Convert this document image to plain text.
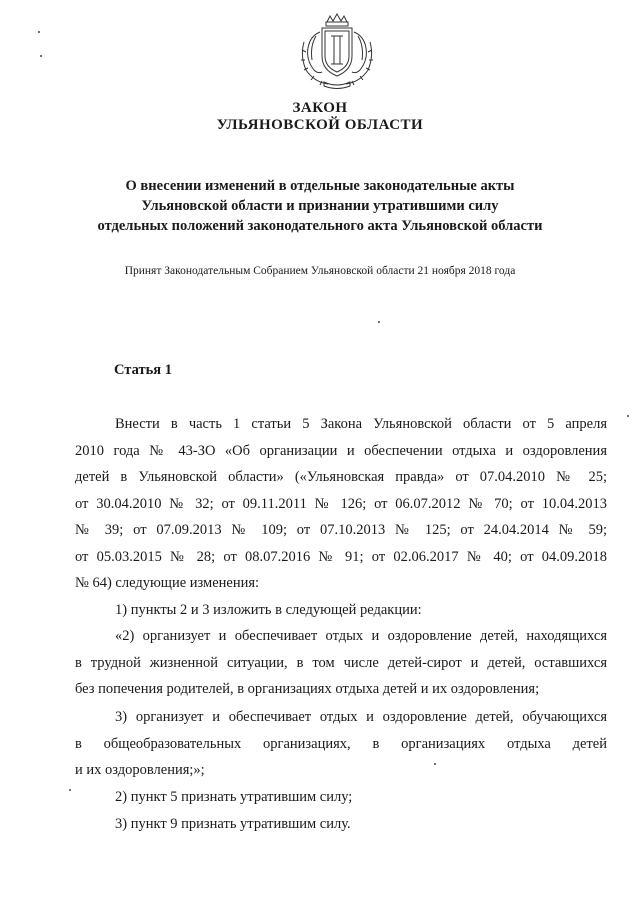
ЗАКОН
УЛЬЯНОВСКОЙ ОБЛАСТИ
О внесении изменений в отдельные законодательные акты
Ульяновской области и признании утратившими силу
отдельных положений законодательного акта Ульяновской области
Принят Законодательным Собранием Ульяновской области 21 ноября 2018 года
Статья 1
Внести в часть 1 статьи 5 Закона Ульяновской области от 5 апреля
2010 года № 43-ЗО «Об организации и обеспечении отдыха и оздоровления
детей в Ульяновской области» («Ульяновская правда» от 07.04.2010 № 25;
от 30.04.2010 № 32; от 09.11.2011 № 126; от 06.07.2012 № 70; от 10.04.2013
№ 39; от 07.09.2013 № 109; от 07.10.2013 № 125; от 24.04.2014 № 59;
от 05.03.2015 № 28; от 08.07.2016 № 91; от 02.06.2017 № 40; от 04.09.2018
№ 64) следующие изменения:
1) пункты 2 и 3 изложить в следующей редакции:
«2) организует и обеспечивает отдых и оздоровление детей, находящихся
в трудной жизненной ситуации, в том числе детей-сирот и детей, оставшихся
без попечения родителей, в организациях отдыха детей и их оздоровления;
3) организует и обеспечивает отдых и оздоровление детей, обучающихся
в общеобразовательных организациях, в организациях отдыха детей
и их оздоровления;»;
2) пункт 5 признать утратившим силу;
3) пункт 9 признать утратившим силу.
